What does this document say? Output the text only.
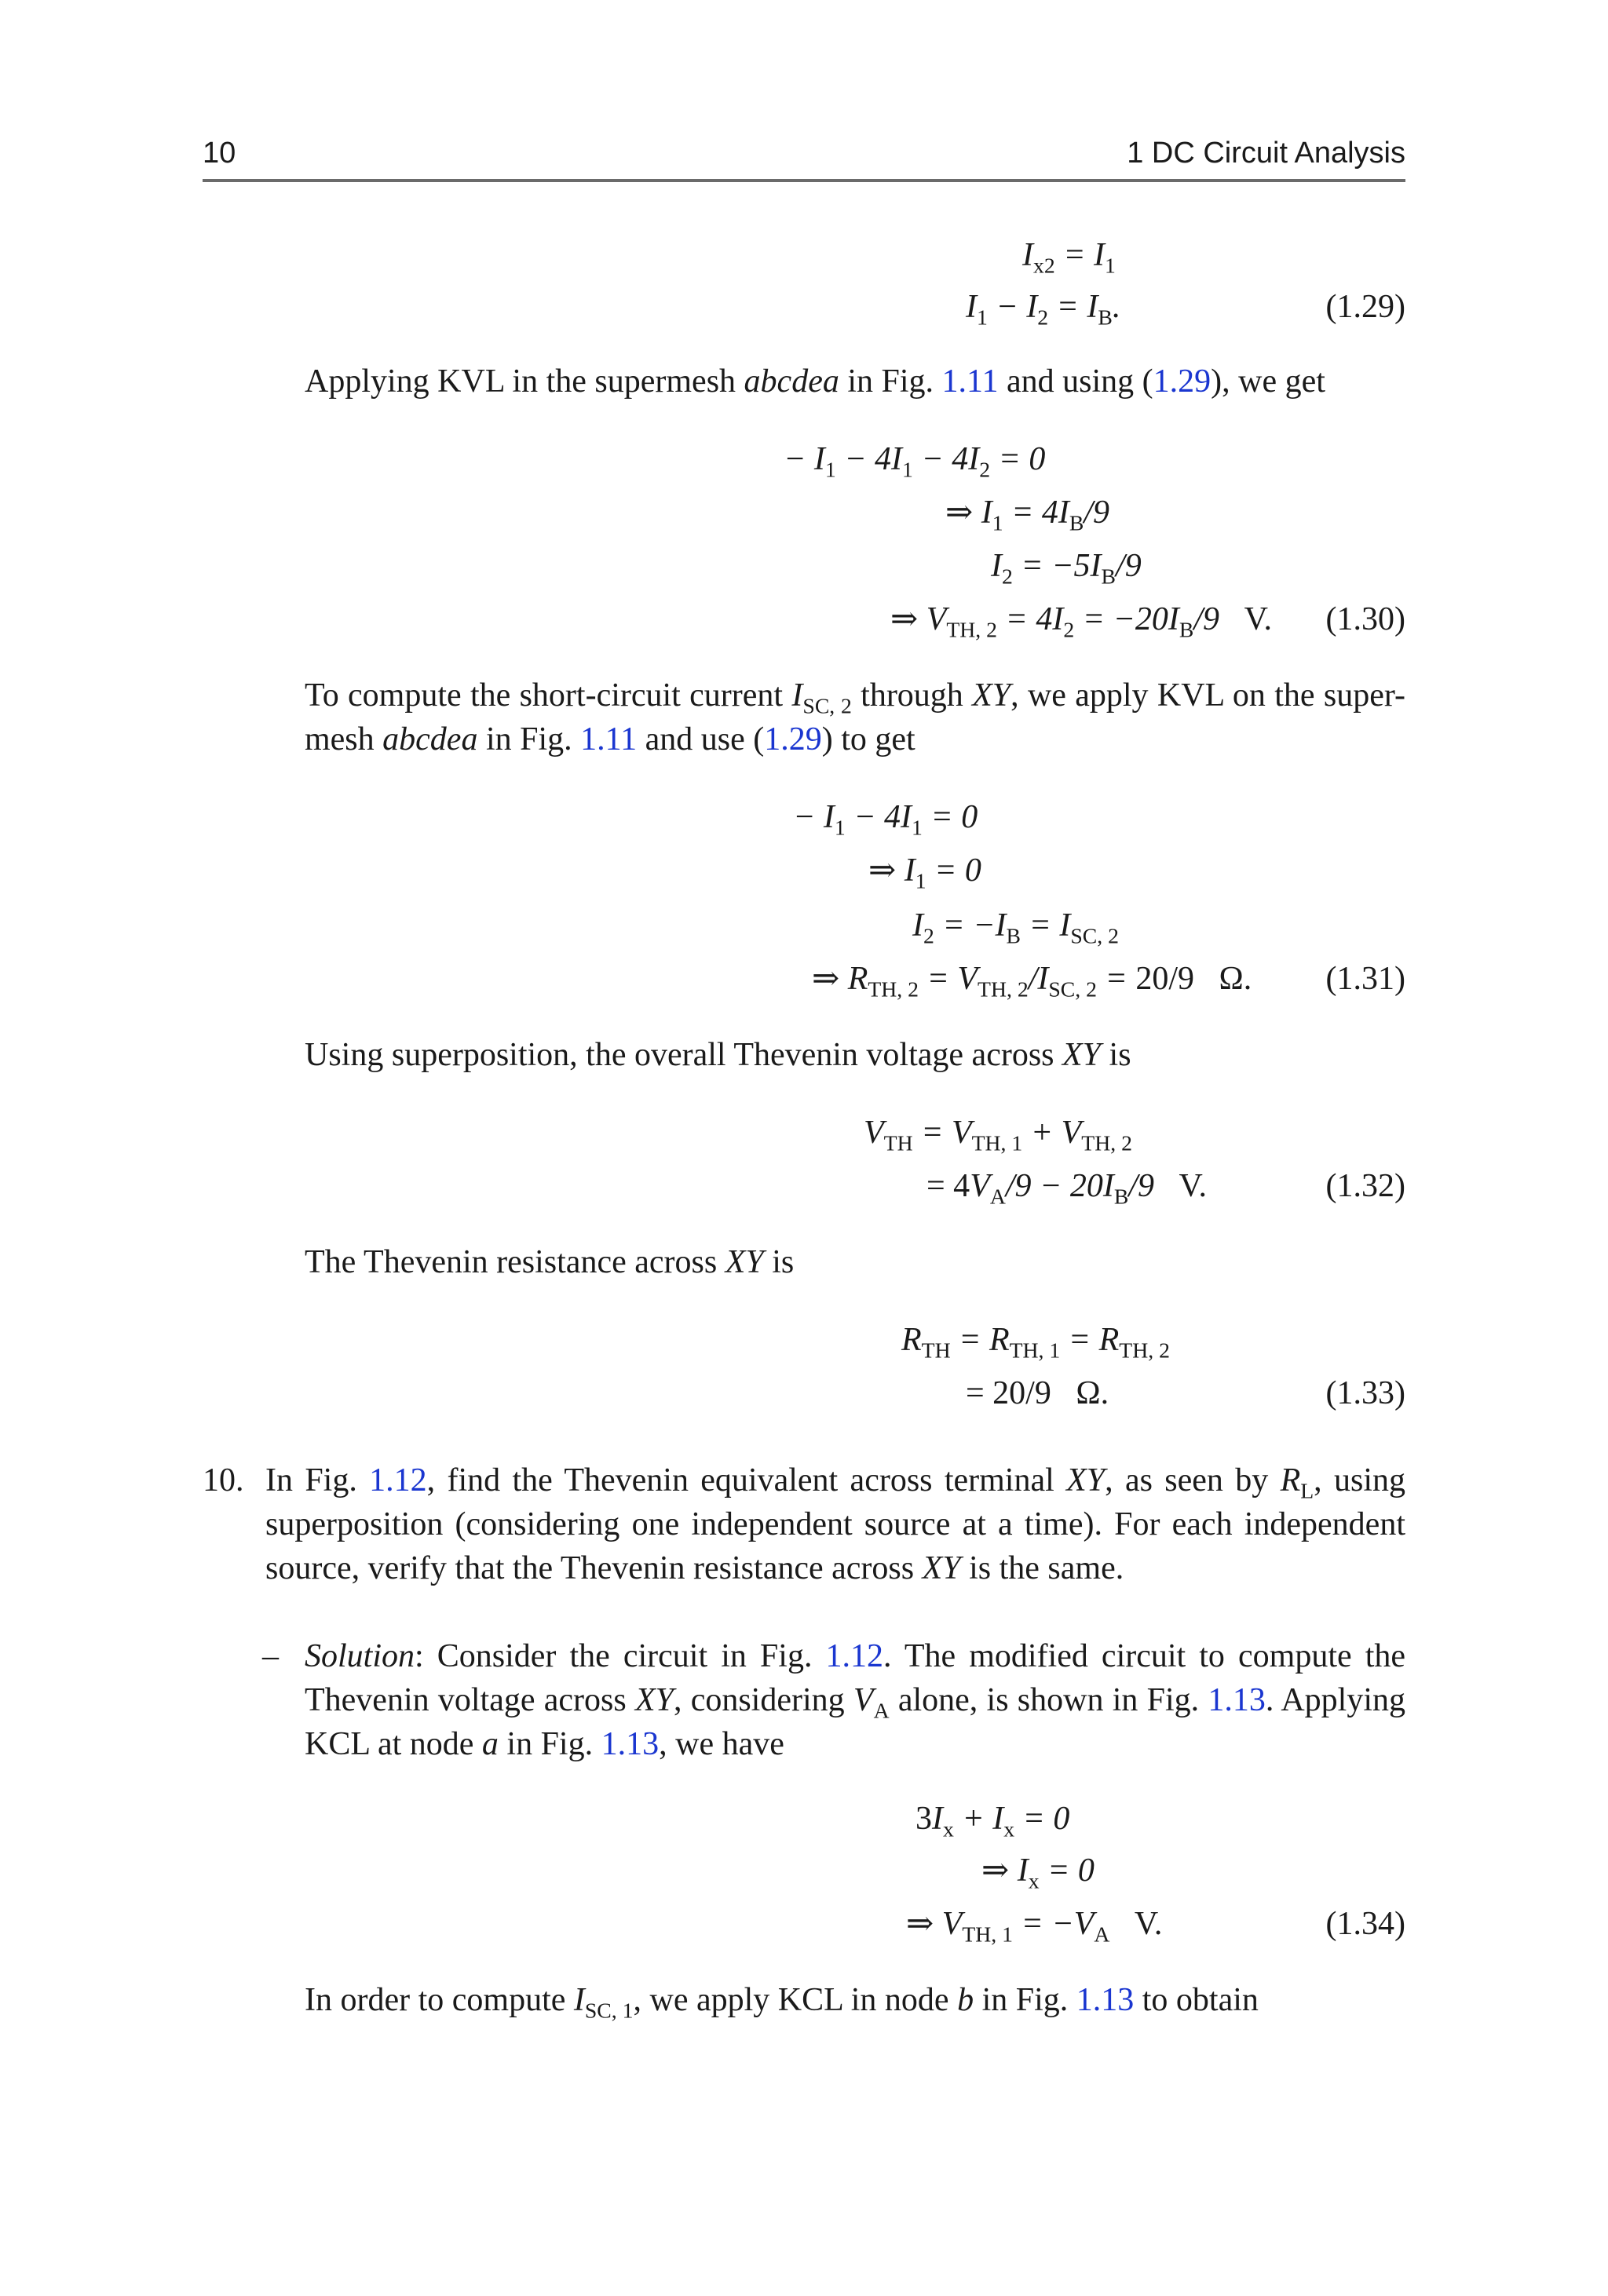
10	1 DC Circuit Analysis
$I_{x2} = I_1$
$I_1 - I_2 = I_B$.	(1.29)
Applying KVL in the supermesh abcdea in Fig. 1.11 and using (1.29), we get
− $I_1 - 4I_1 - 4I_2 = 0$
⇒ $I_1 = 4I_B/9$
$I_2 = -5I_B/9$
⇒ $V_{TH, 2} = 4I_2 = -20I_B/9$   V. (1.30)
To compute the short-circuit current $I_{SC, 2}$ through XY, we apply KVL on the super-mesh abcdea in Fig. 1.11 and use (1.29) to get
− $I_1 - 4I_1 = 0$
⇒ $I_1 = 0$
$I_2 = -I_B = I_{SC, 2}$
⇒ $R_{TH, 2} = V_{TH, 2}/I_{SC, 2} = 20/9$   Ω. (1.31)
Using superposition, the overall Thevenin voltage across XY is
$V_{TH} = V_{TH, 1} + V_{TH, 2}$
= $4V_A/9 - 20I_B/9$   V.	(1.32)
The Thevenin resistance across XY is
$R_{TH} = R_{TH, 1} = R_{TH, 2}$
= 20/9   Ω.	(1.33)
10. In Fig. 1.12, find the Thevenin equivalent across terminal XY, as seen by $R_L$, using superposition (considering one independent source at a time). For each independent source, verify that the Thevenin resistance across XY is the same.
– Solution: Consider the circuit in Fig. 1.12. The modified circuit to compute the Thevenin voltage across XY, considering $V_A$ alone, is shown in Fig. 1.13. Applying KCL at node a in Fig. 1.13, we have
$3I_x + I_x = 0$
⇒ $I_x = 0$
⇒ $V_{TH, 1} = -V_A$ V.	(1.34)
In order to compute $I_{SC, 1}$, we apply KCL in node b in Fig. 1.13 to obtain
